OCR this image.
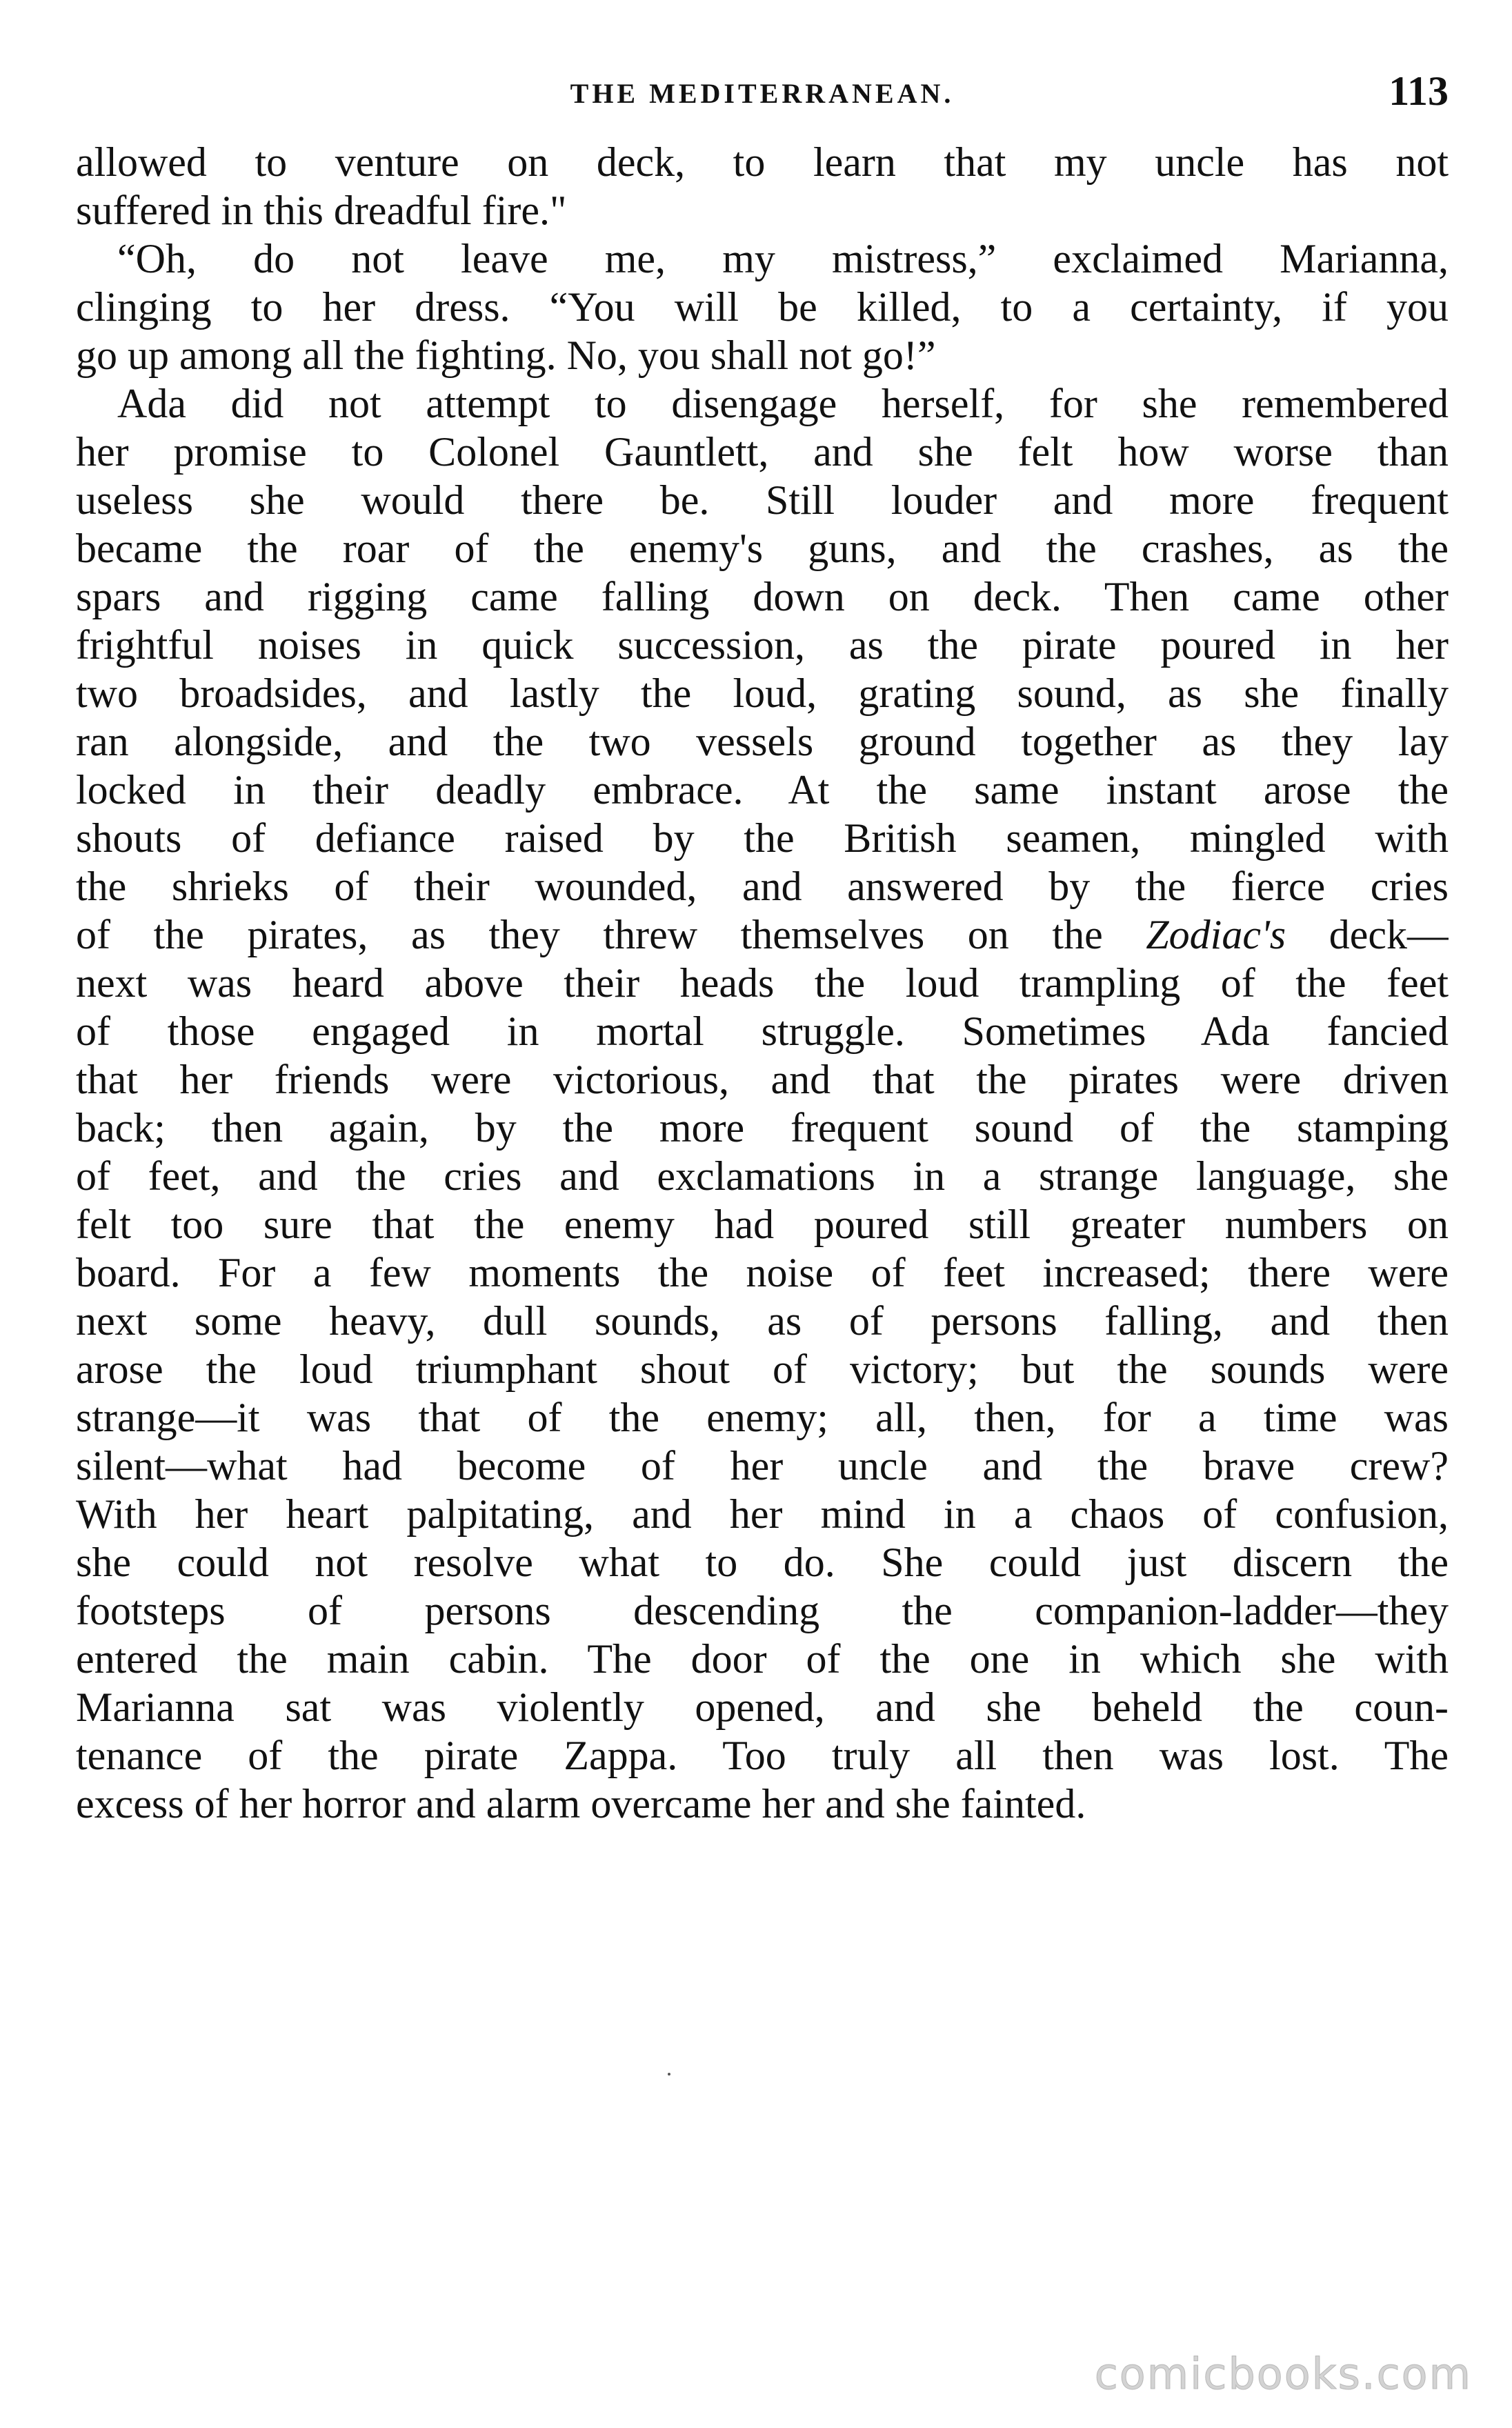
THE MEDITERRANEAN.	113
allowed to venture on deck, to learn that my uncle has not
suffered in this dreadful fire."
“Oh, do not leave me, my mistress,” exclaimed Marianna,
clinging to her dress. “You will be killed, to a certainty, if you
go up among all the fighting. No, you shall not go!”
Ada did not attempt to disengage herself, for she remembered
her promise to Colonel Gauntlett, and she felt how worse than
useless she would there be. Still louder and more frequent
became the roar of the enemy's guns, and the crashes, as the
spars and rigging came falling down on deck. Then came other
frightful noises in quick succession, as the pirate poured in her
two broadsides, and lastly the loud, grating sound, as she finally
ran alongside, and the two vessels ground together as they lay
locked in their deadly embrace. At the same instant arose the
shouts of defiance raised by the British seamen, mingled with
the shrieks of their wounded, and answered by the fierce cries
of the pirates, as they threw themselves on the Zodiac's deck—
next was heard above their heads the loud trampling of the feet
of those engaged in mortal struggle. Sometimes Ada fancied
that her friends were victorious, and that the pirates were driven
back; then again, by the more frequent sound of the stamping
of feet, and the cries and exclamations in a strange language, she
felt too sure that the enemy had poured still greater numbers on
board. For a few moments the noise of feet increased; there were
next some heavy, dull sounds, as of persons falling, and then
arose the loud triumphant shout of victory; but the sounds were
strange—it was that of the enemy; all, then, for a time was
silent—what had become of her uncle and the brave crew?
With her heart palpitating, and her mind in a chaos of confusion,
she could not resolve what to do. She could just discern the
footsteps of persons descending the companion-ladder—they
entered the main cabin. The door of the one in which she with
Marianna sat was violently opened, and she beheld the coun-
tenance of the pirate Zappa. Too truly all then was lost. The
excess of her horror and alarm overcame her and she fainted.
comicbooks.com
